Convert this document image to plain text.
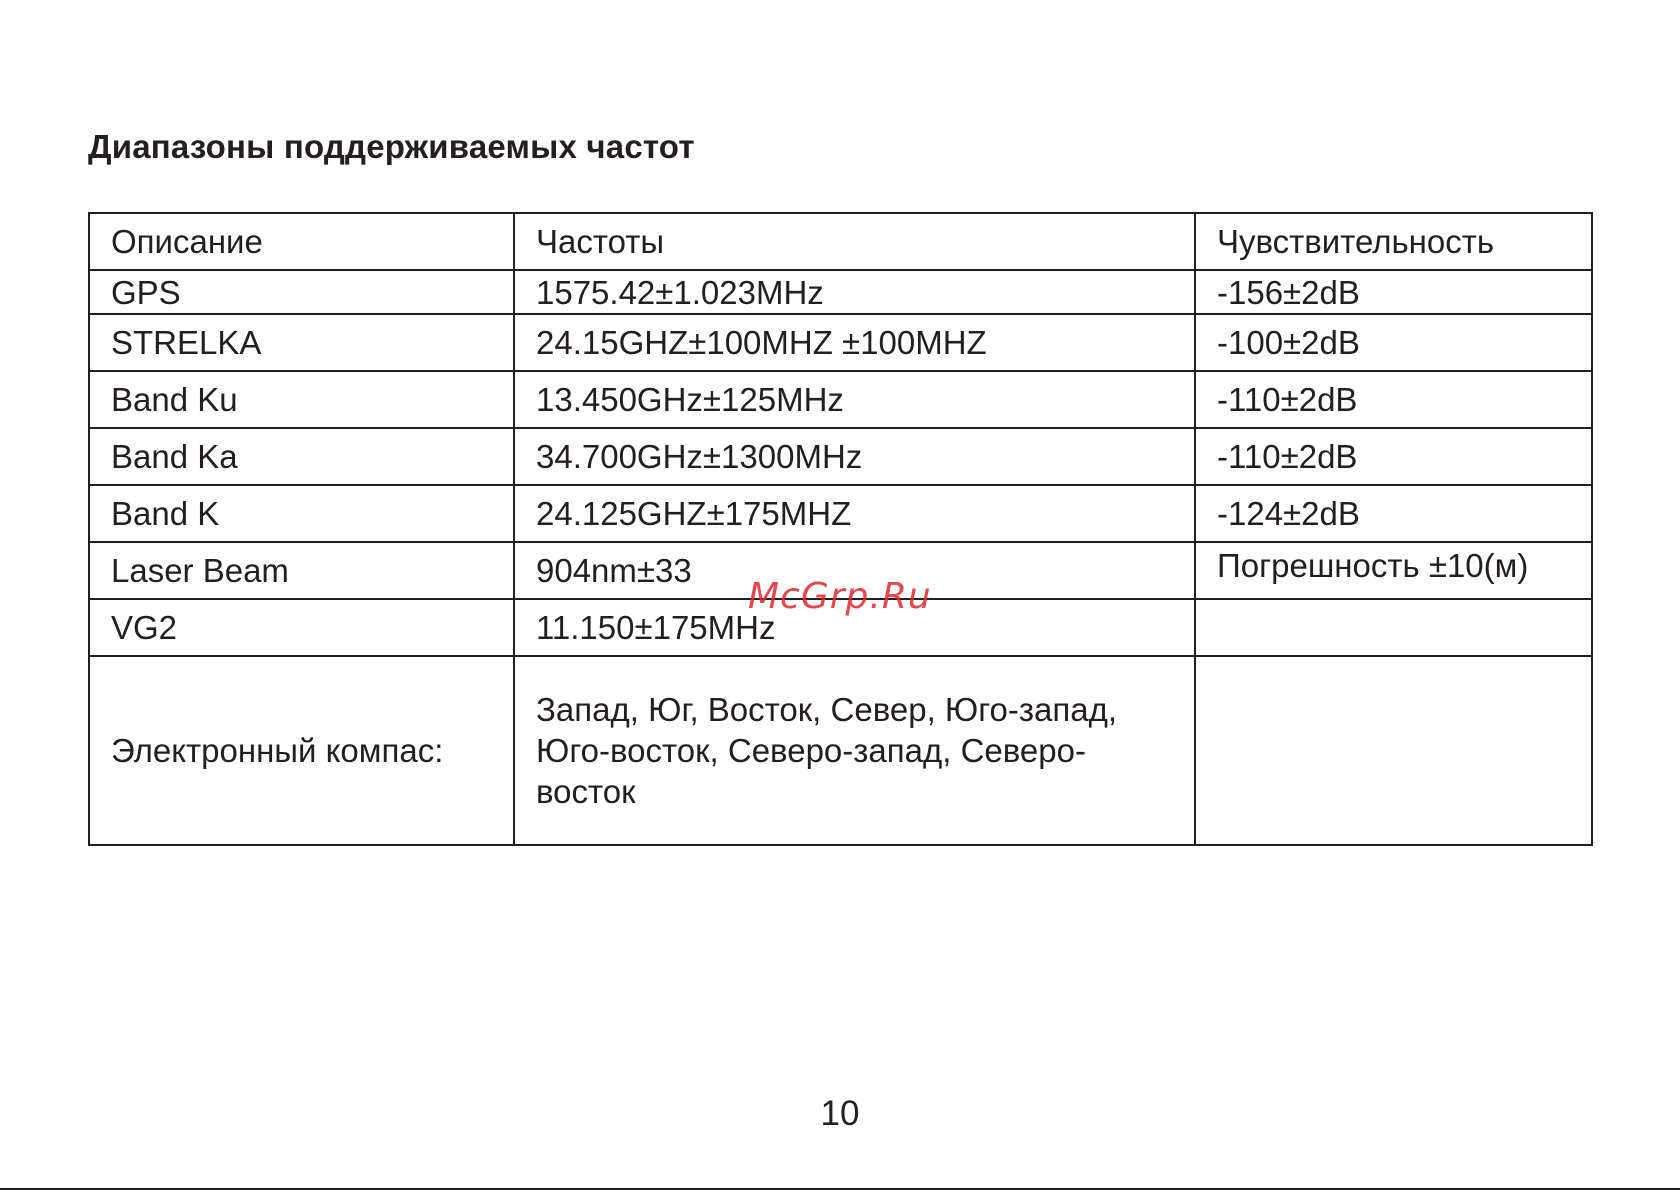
Диапазоны поддерживаемых частот
Описание	Частоты	Чувствительность
GPS	1575.42±1.023MHz	-156±2dB
STRELKA	24.15GHZ±100MHZ ±100MHZ	-100±2dB
Band Ku	13.450GHz±125MHz	-110±2dB
Band Ka	34.700GHz±1300MHz	-110±2dB
Band K	24.125GHZ±175MHZ	-124±2dB
Laser Beam	904nm±33	Погрешность ±10(м)
VG2	11.150±175MHz	
Электронный компас:	Запад, Юг, Восток, Север, Юго-запад, Юго-восток, Северо-запад, Северо-восток	
McGrp.Ru
10
